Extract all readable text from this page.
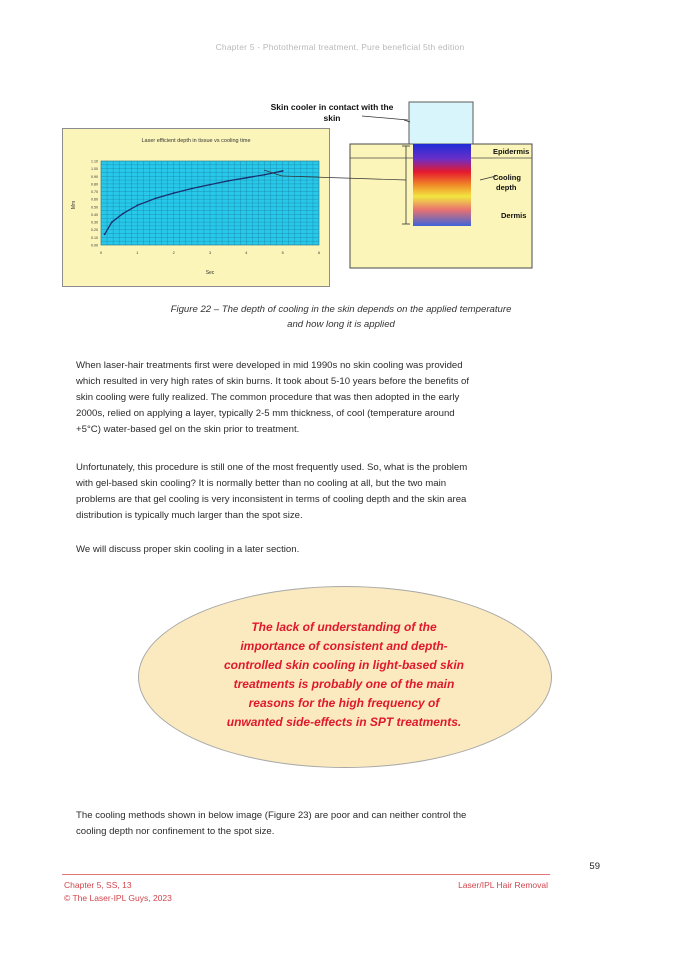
Chapter 5 - Photothermal treatment. Pure beneficial 5th edition
Skin cooler in contact with the skin
Laser efficient depth in tissue vs cooling time
0.00
0.10
0.20
0.30
0.40
0.50
0.60
0.70
0.80
0.90
1.00
1.10
0	1	2	3	4	5	6
Sec
Mm
Epidermis
Cooling depth
Dermis
Figure 22 – The depth of cooling in the skin depends on the applied temperature
and how long it is applied
When laser-hair treatments first were developed in mid 1990s no skin cooling was provided
which resulted in very high rates of skin burns. It took about 5-10 years before the benefits of
skin cooling were fully realized. The common procedure that was then adopted in the early
2000s, relied on applying a layer, typically 2-5 mm thickness, of cool (temperature around
+5°C) water-based gel on the skin prior to treatment.
Unfortunately, this procedure is still one of the most frequently used. So, what is the problem
with gel-based skin cooling? It is normally better than no cooling at all, but the two main
problems are that gel cooling is very inconsistent in terms of cooling depth and the skin area
distribution is typically much larger than the spot size.
We will discuss proper skin cooling in a later section.
The lack of understanding of the
importance of consistent and depth-
controlled skin cooling in light-based skin
treatments is probably one of the main
reasons for the high frequency of
unwanted side-effects in SPT treatments.
The cooling methods shown in below image (Figure 23) are poor and can neither control the
cooling depth nor confinement to the spot size.
59
Chapter 5, SS, 13
© The Laser-IPL Guys, 2023
Laser/IPL Hair Removal
